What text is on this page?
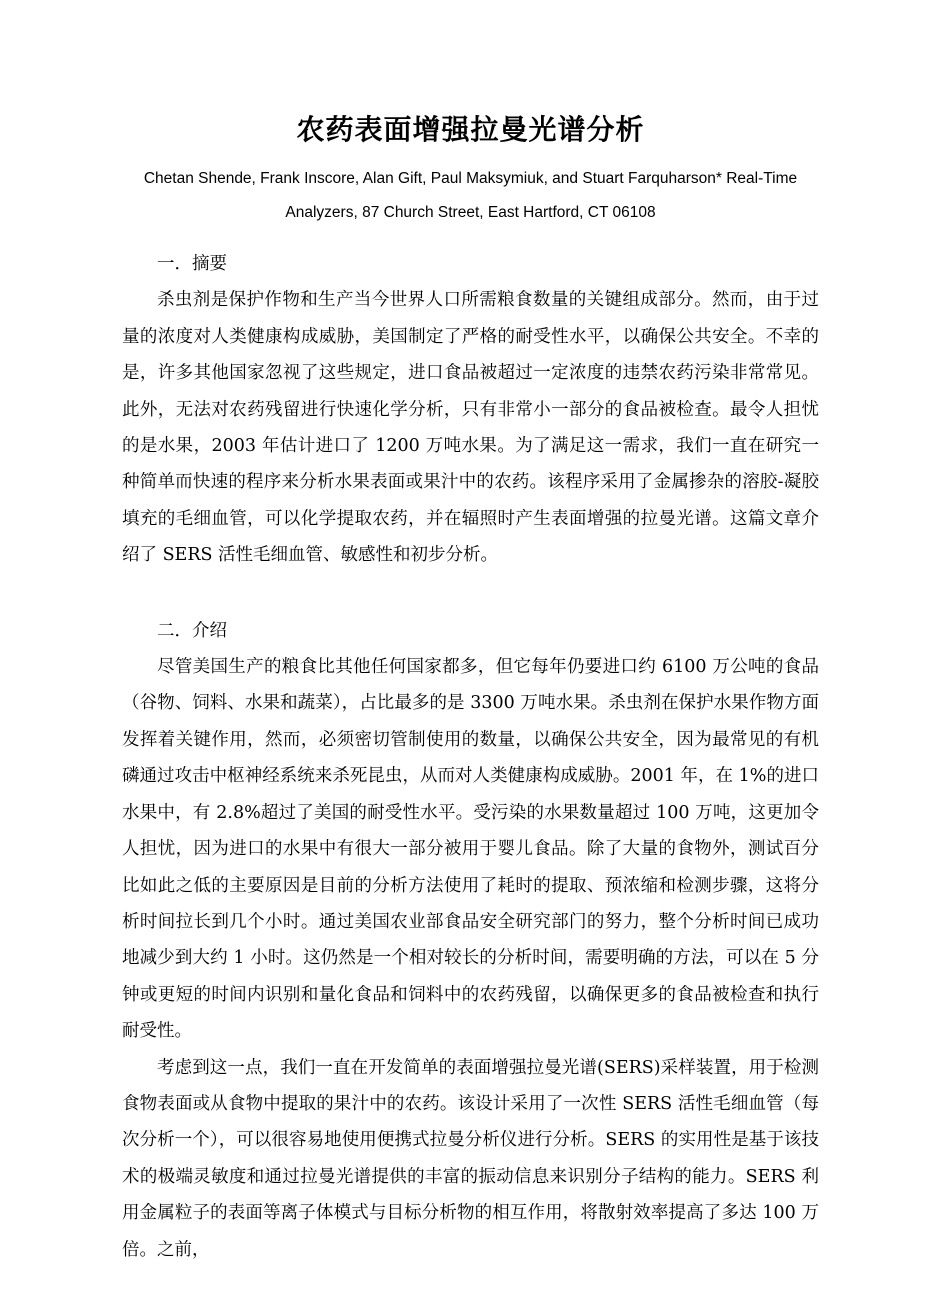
农药表面增强拉曼光谱分析
Chetan Shende, Frank Inscore, Alan Gift, Paul Maksymiuk, and Stuart Farquharson* Real-Time
Analyzers, 87 Church Street, East Hartford, CT 06108

一．摘要

杀虫剂是保护作物和生产当今世界人口所需粮食数量的关键组成部分。然而，由于过量的浓度对人类健康构成威胁，美国制定了严格的耐受性水平，以确保公共安全。不幸的是，许多其他国家忽视了这些规定，进口食品被超过一定浓度的违禁农药污染非常常见。此外，无法对农药残留进行快速化学分析，只有非常小一部分的食品被检查。最令人担忧的是水果，2003 年估计进口了 1200 万吨水果。为了满足这一需求，我们一直在研究一种简单而快速的程序来分析水果表面或果汁中的农药。该程序采用了金属掺杂的溶胶-凝胶填充的毛细血管，可以化学提取农药，并在辐照时产生表面增强的拉曼光谱。这篇文章介绍了 SERS 活性毛细血管、敏感性和初步分析。

二．介绍

尽管美国生产的粮食比其他任何国家都多，但它每年仍要进口约 6100 万公吨的食品（谷物、饲料、水果和蔬菜），占比最多的是 3300 万吨水果。杀虫剂在保护水果作物方面发挥着关键作用，然而，必须密切管制使用的数量，以确保公共安全，因为最常见的有机磷通过攻击中枢神经系统来杀死昆虫，从而对人类健康构成威胁。2001 年，在 1%的进口水果中，有 2.8%超过了美国的耐受性水平。受污染的水果数量超过 100 万吨，这更加令人担忧，因为进口的水果中有很大一部分被用于婴儿食品。除了大量的食物外，测试百分比如此之低的主要原因是目前的分析方法使用了耗时的提取、预浓缩和检测步骤，这将分析时间拉长到几个小时。通过美国农业部食品安全研究部门的努力，整个分析时间已成功地减少到大约 1 小时。这仍然是一个相对较长的分析时间，需要明确的方法，可以在 5 分钟或更短的时间内识别和量化食品和饲料中的农药残留，以确保更多的食品被检查和执行耐受性。

考虑到这一点，我们一直在开发简单的表面增强拉曼光谱(SERS)采样装置，用于检测食物表面或从食物中提取的果汁中的农药。该设计采用了一次性 SERS 活性毛细血管（每次分析一个），可以很容易地使用便携式拉曼分析仪进行分析。SERS 的实用性是基于该技术的极端灵敏度和通过拉曼光谱提供的丰富的振动信息来识别分子结构的能力。SERS 利用金属粒子的表面等离子体模式与目标分析物的相互作用，将散射效率提高了多达 100 万倍。之前，
